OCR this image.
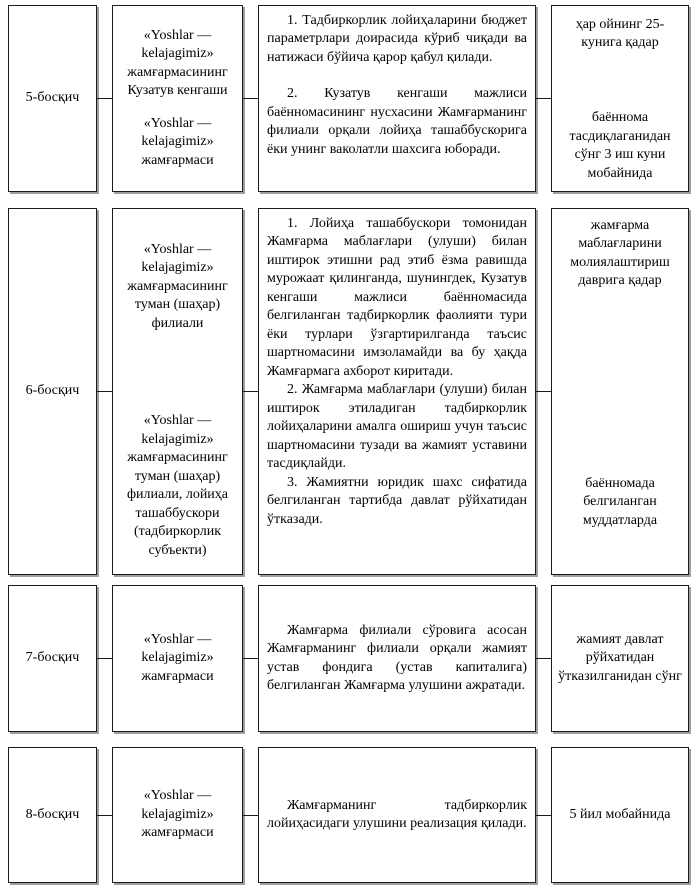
5-босқич

«Yoshlar — kelajagimiz» жамғармасининг Кузатув кенгаши

«Yoshlar — kelajagimiz» жамғармаси

1. Тадбиркорлик лойиҳаларини бюджет параметрлари доирасида кўриб чиқади ва натижаси бўйича қарор қабул қилади.

2. Кузатув кенгаши мажлиси баённомасининг нусхасини Жамғарманинг филиали орқали лойиҳа ташаббускорига ёки унинг ваколатли шахсига юборади.

ҳар ойнинг 25-кунига қадар

баённома тасдиқлаганидан сўнг 3 иш куни мобайнида

6-босқич

«Yoshlar — kelajagimiz» жамғармасининг туман (шаҳар) филиали

«Yoshlar — kelajagimiz» жамғармасининг туман (шаҳар) филиали, лойиҳа ташаббускори (тадбиркорлик субъекти)

1. Лойиҳа ташаббускори томонидан Жамғарма маблағлари (улуши) билан иштирок этишни рад этиб ёзма равишда мурожаат қилинганда, шунингдек, Кузатув кенгаши мажлиси баённомасида белгиланган тадбиркорлик фаолияти тури ёки турлари ўзгартирилганда таъсис шартномасини имзоламайди ва бу ҳақда Жамғармага ахборот киритади.

2. Жамғарма маблағлари (улуши) билан иштирок этиладиган тадбиркорлик лойиҳаларини амалга ошириш учун таъсис шартномасини тузади ва жамият уставини тасдиқлайди.

3. Жамиятни юридик шахс сифатида белгиланган тартибда давлат рўйхатидан ўтказади.

жамғарма маблағларини молиялаштириш даврига қадар

баённомада белгиланган муддатларда

7-босқич

«Yoshlar — kelajagimiz» жамғармаси

Жамғарма филиали сўровига асосан Жамғарманинг филиали орқали жамият устав фондига (устав капиталига) белгиланган Жамғарма улушини ажратади.

жамият давлат рўйхатидан ўтказилганидан сўнг

8-босқич

«Yoshlar — kelajagimiz» жамғармаси

Жамғарманинг тадбиркорлик лойиҳасидаги улушини реализация қилади.

5 йил мобайнида
